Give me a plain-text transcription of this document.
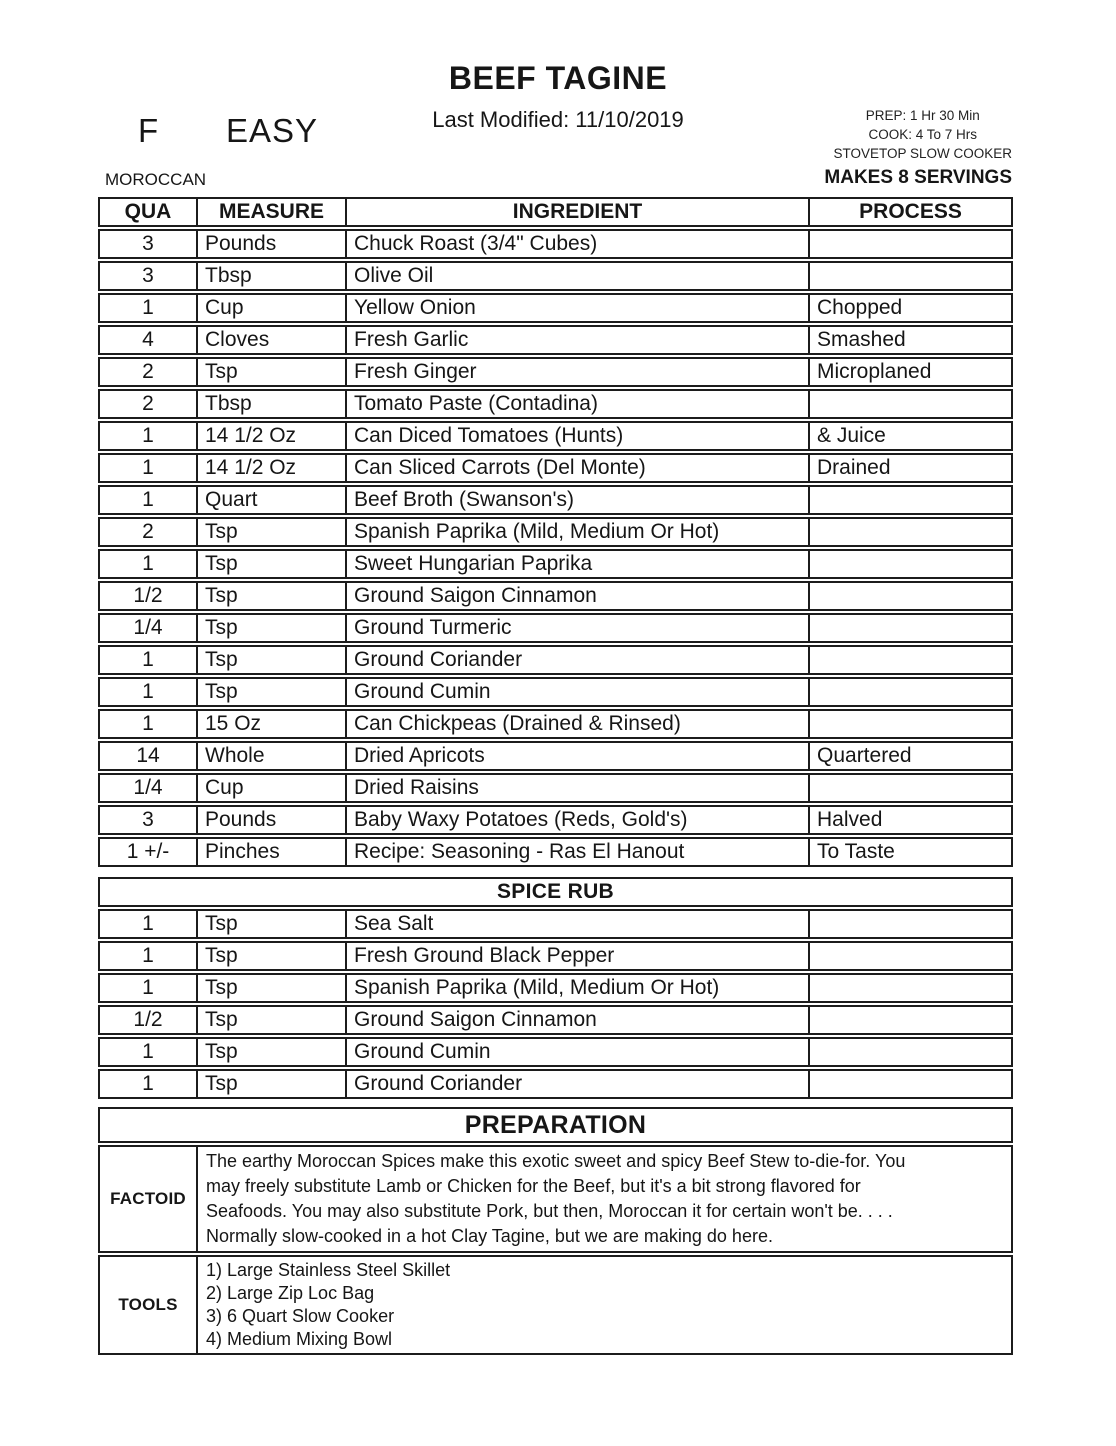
BEEF TAGINE
Last Modified: 11/10/2019
F EASY	PREP: 1 Hr 30 Min
COOK: 4 To 7 Hrs
STOVETOP SLOW COOKER
MOROCCAN	MAKES 8 SERVINGS
QUA	MEASURE	INGREDIENT	PROCESS
3	Pounds	Chuck Roast (3/4" Cubes)
3	Tbsp	Olive Oil
1	Cup	Yellow Onion	Chopped
4	Cloves	Fresh Garlic	Smashed
2	Tsp	Fresh Ginger	Microplaned
2	Tbsp	Tomato Paste (Contadina)
1	14 1/2 Oz	Can Diced Tomatoes (Hunts)	& Juice
1	14 1/2 Oz	Can Sliced Carrots (Del Monte)	Drained
1	Quart	Beef Broth (Swanson's)
2	Tsp	Spanish Paprika (Mild, Medium Or Hot)
1	Tsp	Sweet Hungarian Paprika
1/2	Tsp	Ground Saigon Cinnamon
1/4	Tsp	Ground Turmeric
1	Tsp	Ground Coriander
1	Tsp	Ground Cumin
1	15 Oz	Can Chickpeas (Drained & Rinsed)
14	Whole	Dried Apricots	Quartered
1/4	Cup	Dried Raisins
3	Pounds	Baby Waxy Potatoes (Reds, Gold's)	Halved
1 +/-	Pinches	Recipe: Seasoning - Ras El Hanout	To Taste
SPICE RUB
1	Tsp	Sea Salt
1	Tsp	Fresh Ground Black Pepper
1	Tsp	Spanish Paprika (Mild, Medium Or Hot)
1/2	Tsp	Ground Saigon Cinnamon
1	Tsp	Ground Cumin
1	Tsp	Ground Coriander
PREPARATION
FACTOID
The earthy Moroccan Spices make this exotic sweet and spicy Beef Stew to-die-for. You
may freely substitute Lamb or Chicken for the Beef, but it's a bit strong flavored for
Seafoods. You may also substitute Pork, but then, Moroccan it for certain won't be. . . .
Normally slow-cooked in a hot Clay Tagine, but we are making do here.
TOOLS
1) Large Stainless Steel Skillet
2) Large Zip Loc Bag
3) 6 Quart Slow Cooker
4) Medium Mixing Bowl
